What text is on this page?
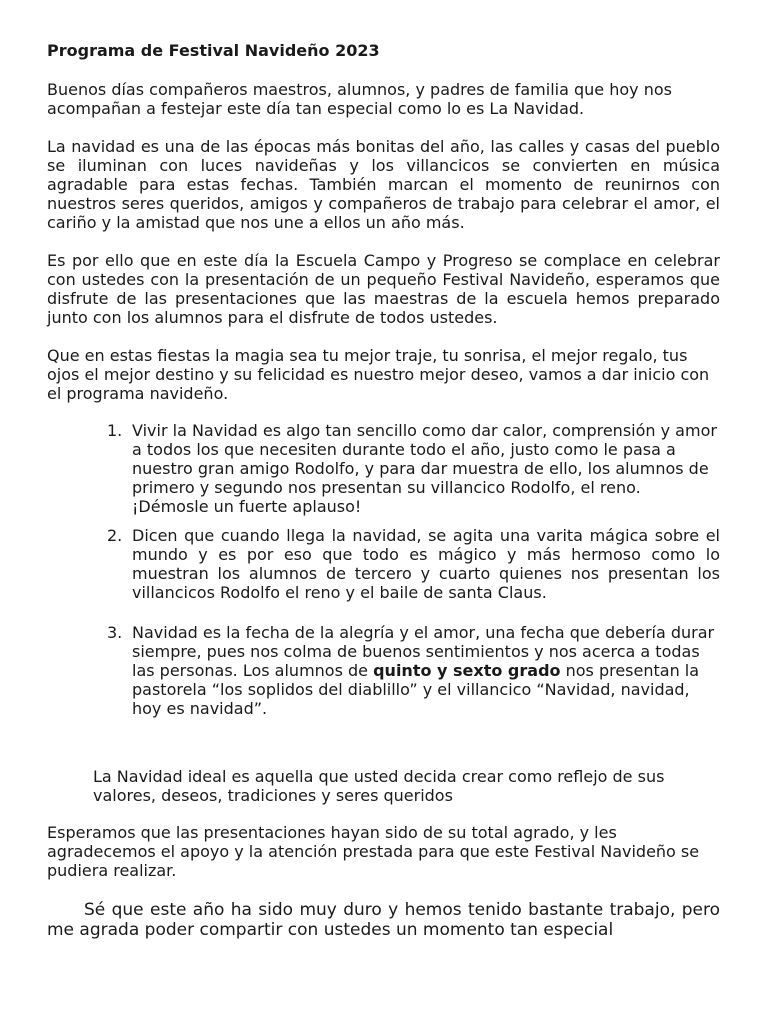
Programa de Festival Navideño 2023

Buenos días compañeros maestros, alumnos, y padres de familia que hoy nos acompañan a festejar este día tan especial como lo es La Navidad.

La navidad es una de las épocas más bonitas del año, las calles y casas del pueblo se iluminan con luces navideñas y los villancicos se convierten en música agradable para estas fechas. También marcan el momento de reunirnos con nuestros seres queridos, amigos y compañeros de trabajo para celebrar el amor, el cariño y la amistad que nos une a ellos un año más.

Es por ello que en este día la Escuela Campo y Progreso se complace en celebrar con ustedes con la presentación de un pequeño Festival Navideño, esperamos que disfrute de las presentaciones que las maestras de la escuela hemos preparado junto con los alumnos para el disfrute de todos ustedes.

Que en estas fiestas la magia sea tu mejor traje, tu sonrisa, el mejor regalo, tus ojos el mejor destino y su felicidad es nuestro mejor deseo, vamos a dar inicio con el programa navideño.

1. Vivir la Navidad es algo tan sencillo como dar calor, comprensión y amor a todos los que necesiten durante todo el año, justo como le pasa a nuestro gran amigo Rodolfo, y para dar muestra de ello, los alumnos de primero y segundo nos presentan su villancico Rodolfo, el reno. ¡Démosle un fuerte aplauso!
2. Dicen que cuando llega la navidad, se agita una varita mágica sobre el mundo y es por eso que todo es mágico y más hermoso como lo muestran los alumnos de tercero y cuarto quienes nos presentan los villancicos Rodolfo el reno y el baile de santa Claus.
3. Navidad es la fecha de la alegría y el amor, una fecha que debería durar siempre, pues nos colma de buenos sentimientos y nos acerca a todas las personas. Los alumnos de quinto y sexto grado nos presentan la pastorela “los soplidos del diablillo” y el villancico “Navidad, navidad, hoy es navidad”.

La Navidad ideal es aquella que usted decida crear como reflejo de sus valores, deseos, tradiciones y seres queridos

Esperamos que las presentaciones hayan sido de su total agrado, y les agradecemos el apoyo y la atención prestada para que este Festival Navideño se pudiera realizar.

Sé que este año ha sido muy duro y hemos tenido bastante trabajo, pero me agrada poder compartir con ustedes un momento tan especial
